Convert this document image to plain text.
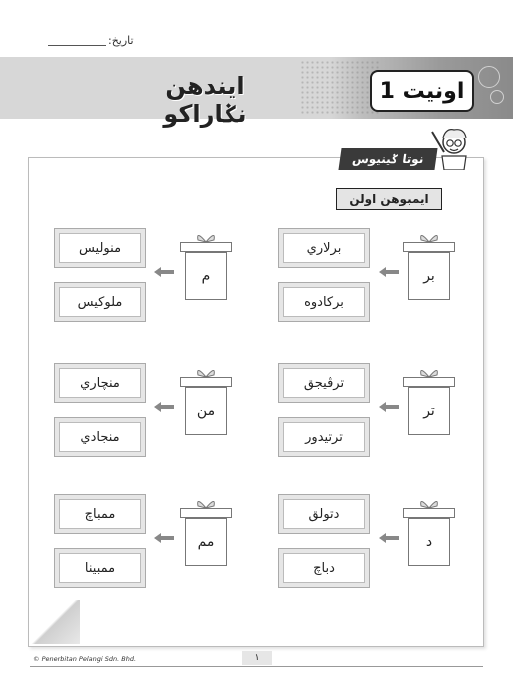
تاريخ:
اونيت 1
ايندهن نݢاراکو
نوتا ݢينيوس
ايمبوهن اولن
بر
برلاري
برکادوه
م
منوليس
ملوکيس
تر
ترڤيجق
ترتيدور
من
منچاري
منجادي
د
دتولق
دباچ
مم
ممباچ
ممبينا
© Penerbitan Pelangi Sdn. Bhd.	١
